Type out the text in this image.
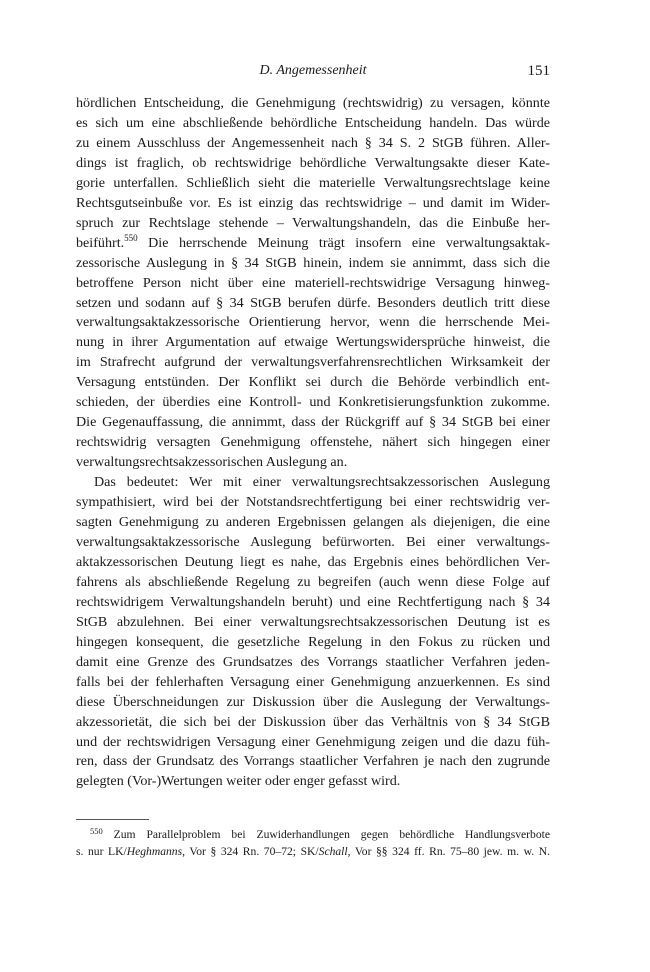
D. Angemessenheit	151
hördlichen Entscheidung, die Genehmigung (rechtswidrig) zu versagen, könnte
es sich um eine abschließende behördliche Entscheidung handeln. Das würde
zu einem Ausschluss der Angemessenheit nach § 34 S. 2 StGB führen. Aller-
dings ist fraglich, ob rechtswidrige behördliche Verwaltungsakte dieser Kate-
gorie unterfallen. Schließlich sieht die materielle Verwaltungsrechtslage keine
Rechtsgutseinbuße vor. Es ist einzig das rechtswidrige – und damit im Wider-
spruch zur Rechtslage stehende – Verwaltungshandeln, das die Einbuße her-
beiführt.$^{550}$ Die herrschende Meinung trägt insofern eine verwaltungsaktak-
zessorische Auslegung in § 34 StGB hinein, indem sie annimmt, dass sich die
betroffene Person nicht über eine materiell-rechtswidrige Versagung hinweg-
setzen und sodann auf § 34 StGB berufen dürfe. Besonders deutlich tritt diese
verwaltungsaktakzessorische Orientierung hervor, wenn die herrschende Mei-
nung in ihrer Argumentation auf etwaige Wertungswidersprüche hinweist, die
im Strafrecht aufgrund der verwaltungsverfahrensrechtlichen Wirksamkeit der
Versagung entstünden. Der Konflikt sei durch die Behörde verbindlich ent-
schieden, der überdies eine Kontroll- und Konkretisierungsfunktion zukomme.
Die Gegenauffassung, die annimmt, dass der Rückgriff auf § 34 StGB bei einer
rechtswidrig versagten Genehmigung offenstehe, nähert sich hingegen einer
verwaltungsrechtsakzessorischen Auslegung an.
Das bedeutet: Wer mit einer verwaltungsrechtsakzessorischen Auslegung
sympathisiert, wird bei der Notstandsrechtfertigung bei einer rechtswidrig ver-
sagten Genehmigung zu anderen Ergebnissen gelangen als diejenigen, die eine
verwaltungsaktakzessorische Auslegung befürworten. Bei einer verwaltungs-
aktakzessorischen Deutung liegt es nahe, das Ergebnis eines behördlichen Ver-
fahrens als abschließende Regelung zu begreifen (auch wenn diese Folge auf
rechtswidrigem Verwaltungshandeln beruht) und eine Rechtfertigung nach § 34
StGB abzulehnen. Bei einer verwaltungsrechtsakzessorischen Deutung ist es
hingegen konsequent, die gesetzliche Regelung in den Fokus zu rücken und
damit eine Grenze des Grundsatzes des Vorrangs staatlicher Verfahren jeden-
falls bei der fehlerhaften Versagung einer Genehmigung anzuerkennen. Es sind
diese Überschneidungen zur Diskussion über die Auslegung der Verwaltungs-
akzessorietät, die sich bei der Diskussion über das Verhältnis von § 34 StGB
und der rechtswidrigen Versagung einer Genehmigung zeigen und die dazu füh-
ren, dass der Grundsatz des Vorrangs staatlicher Verfahren je nach den zugrunde
gelegten (Vor-)Wertungen weiter oder enger gefasst wird.
$^{550}$ Zum Parallelproblem bei Zuwiderhandlungen gegen behördliche Handlungsverbote
s. nur LK/Heghmanns, Vor § 324 Rn. 70–72; SK/Schall, Vor §§ 324 ff. Rn. 75–80 jew. m. w. N.
